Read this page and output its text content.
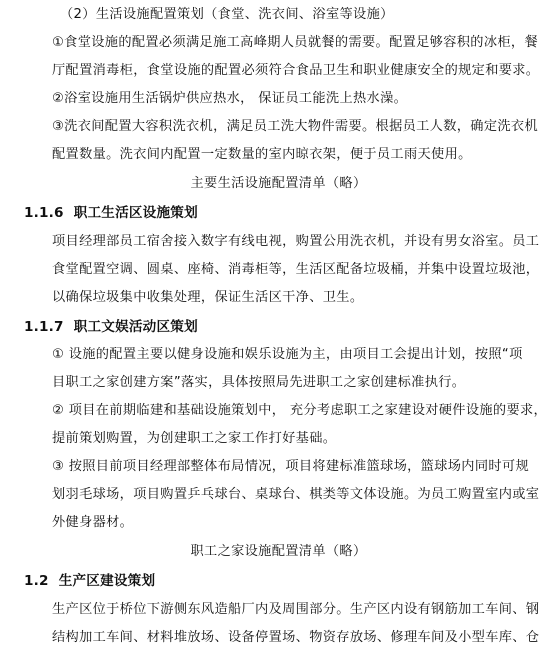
（2）生活设施配置策划（食堂、洗衣间、浴室等设施）
①食堂设施的配置必须满足施工高峰期人员就餐的需要。配置足够容积的冰柜，餐
厅配置消毒柜，食堂设施的配置必须符合食品卫生和职业健康安全的规定和要求。
②浴室设施用生活锅炉供应热水， 保证员工能洗上热水澡。
③洗衣间配置大容积洗衣机，满足员工洗大物件需要。根据员工人数，确定洗衣机
配置数量。洗衣间内配置一定数量的室内晾衣架，便于员工雨天使用。
主要生活设施配置清单（略）
1.1.6 职工生活区设施策划
项目经理部员工宿舍接入数字有线电视，购置公用洗衣机，并设有男女浴室。员工
食堂配置空调、圆桌、座椅、消毒柜等，生活区配备垃圾桶，并集中设置垃圾池，
以确保垃圾集中收集处理，保证生活区干净、卫生。
1.1.7 职工文娱活动区策划
① 设施的配置主要以健身设施和娱乐设施为主，由项目工会提出计划，按照“项
目职工之家创建方案”落实，具体按照局先进职工之家创建标准执行。
② 项目在前期临建和基础设施策划中， 充分考虑职工之家建设对硬件设施的要求，
提前策划购置，为创建职工之家工作打好基础。
③ 按照目前项目经理部整体布局情况，项目将建标准篮球场，篮球场内同时可规
划羽毛球场，项目购置乒乓球台、桌球台、棋类等文体设施。为员工购置室内或室
外健身器材。
职工之家设施配置清单（略）
1.2 生产区建设策划
生产区位于桥位下游侧东风造船厂内及周围部分。生产区内设有钢筋加工车间、钢
结构加工车间、材料堆放场、设备停置场、物资存放场、修理车间及小型车库、仓
